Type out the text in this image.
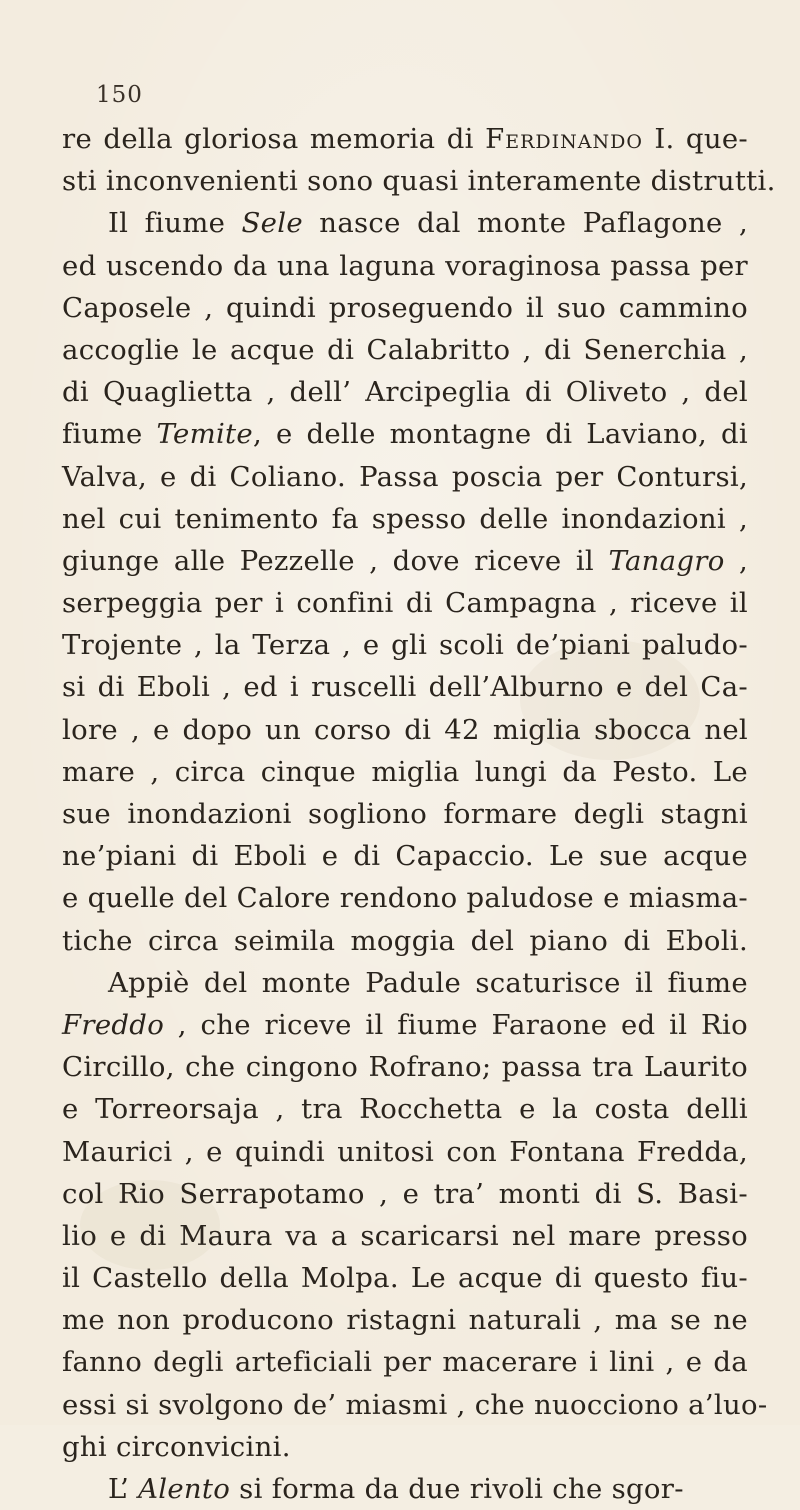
150
re della gloriosa memoria di Ferdinando I. que-
sti inconvenienti sono quasi interamente distrutti.
Il fiume Sele nasce dal monte Paflagone ,
ed uscendo da una laguna voraginosa passa per
Caposele , quindi proseguendo il suo cammino
accoglie le acque di Calabritto , di Senerchia ,
di Quaglietta , dell’ Arcipeglia di Oliveto , del
fiume Temite, e delle montagne di Laviano, di
Valva, e di Coliano. Passa poscia per Contursi,
nel cui tenimento fa spesso delle inondazioni ,
giunge alle Pezzelle , dove riceve il Tanagro ,
serpeggia per i confini di Campagna , riceve il
Trojente , la Terza , e gli scoli de’piani paludo-
si di Eboli , ed i ruscelli dell’Alburno e del Ca-
lore , e dopo un corso di 42 miglia sbocca nel
mare , circa cinque miglia lungi da Pesto. Le
sue inondazioni sogliono formare degli stagni
ne’piani di Eboli e di Capaccio. Le sue acque
e quelle del Calore rendono paludose e miasma-
tiche circa seimila moggia del piano di Eboli.
Appiè del monte Padule scaturisce il fiume
Freddo , che riceve il fiume Faraone ed il Rio
Circillo, che cingono Rofrano; passa tra Laurito
e Torreorsaja , tra Rocchetta e la costa delli
Maurici , e quindi unitosi con Fontana Fredda,
col Rio Serrapotamo , e tra’ monti di S. Basi-
lio e di Maura va a scaricarsi nel mare presso
il Castello della Molpa. Le acque di questo fiu-
me non producono ristagni naturali , ma se ne
fanno degli arteficiali per macerare i lini , e da
essi si svolgono de’ miasmi , che nuocciono a’luo-
ghi circonvicini.
L’ Alento si forma da due rivoli che sgor-
